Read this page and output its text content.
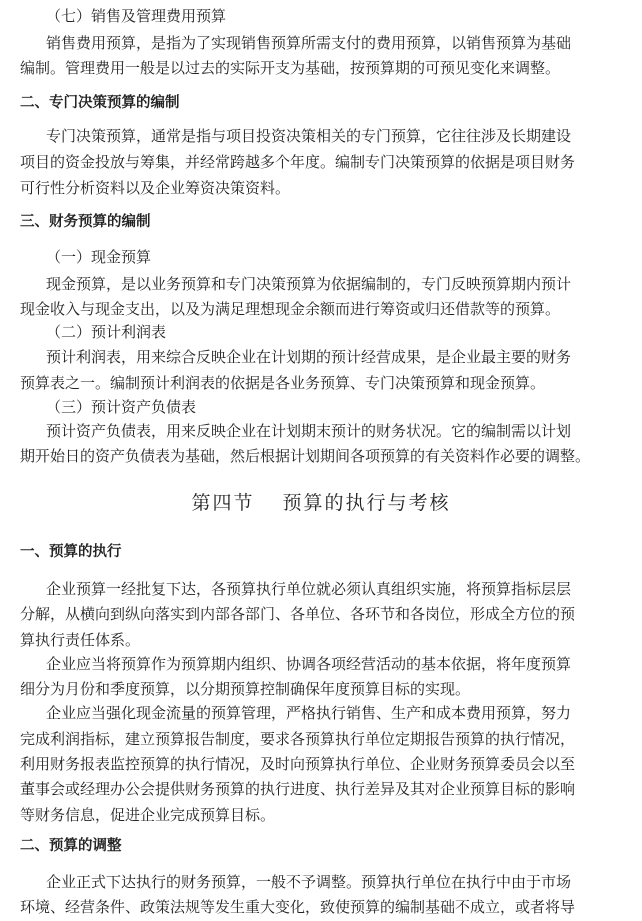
（七）销售及管理费用预算
销售费用预算，是指为了实现销售预算所需支付的费用预算，以销售预算为基础
编制。管理费用一般是以过去的实际开支为基础，按预算期的可预见变化来调整。
二、专门决策预算的编制
专门决策预算，通常是指与项目投资决策相关的专门预算，它往往涉及长期建设
项目的资金投放与筹集，并经常跨越多个年度。编制专门决策预算的依据是项目财务
可行性分析资料以及企业筹资决策资料。
三、财务预算的编制
（一）现金预算
现金预算，是以业务预算和专门决策预算为依据编制的，专门反映预算期内预计
现金收入与现金支出，以及为满足理想现金余额而进行筹资或归还借款等的预算。
（二）预计利润表
预计利润表，用来综合反映企业在计划期的预计经营成果，是企业最主要的财务
预算表之一。编制预计利润表的依据是各业务预算、专门决策预算和现金预算。
（三）预计资产负债表
预计资产负债表，用来反映企业在计划期末预计的财务状况。它的编制需以计划
期开始日的资产负债表为基础，然后根据计划期间各项预算的有关资料作必要的调整。
第四节 预算的执行与考核
一、预算的执行
企业预算一经批复下达，各预算执行单位就必须认真组织实施，将预算指标层层
分解，从横向到纵向落实到内部各部门、各单位、各环节和各岗位，形成全方位的预
算执行责任体系。
企业应当将预算作为预算期内组织、协调各项经营活动的基本依据，将年度预算
细分为月份和季度预算，以分期预算控制确保年度预算目标的实现。
企业应当强化现金流量的预算管理，严格执行销售、生产和成本费用预算，努力
完成利润指标，建立预算报告制度，要求各预算执行单位定期报告预算的执行情况，
利用财务报表监控预算的执行情况，及时向预算执行单位、企业财务预算委员会以至
董事会或经理办公会提供财务预算的执行进度、执行差异及其对企业预算目标的影响
等财务信息，促进企业完成预算目标。
二、预算的调整
企业正式下达执行的财务预算，一般不予调整。预算执行单位在执行中由于市场
环境、经营条件、政策法规等发生重大变化，致使预算的编制基础不成立，或者将导
